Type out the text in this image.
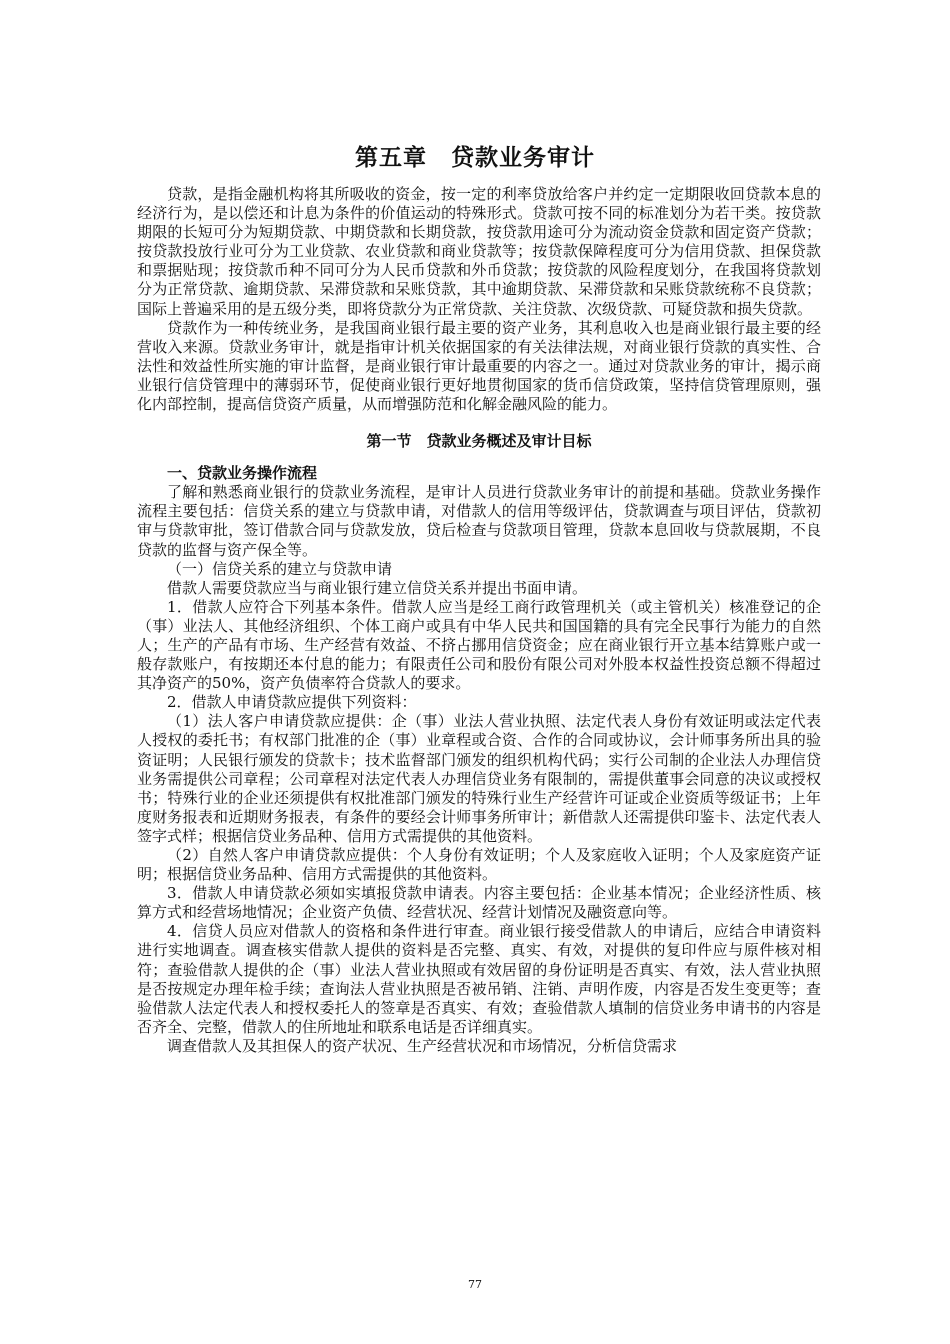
第五章　贷款业务审计

贷款，是指金融机构将其所吸收的资金，按一定的利率贷放给客户并约定一定期限收回贷款本息的经济行为，是以偿还和计息为条件的价值运动的特殊形式。贷款可按不同的标准划分为若干类。按贷款期限的长短可分为短期贷款、中期贷款和长期贷款，按贷款用途可分为流动资金贷款和固定资产贷款；按贷款投放行业可分为工业贷款、农业贷款和商业贷款等；按贷款保障程度可分为信用贷款、担保贷款和票据贴现；按贷款币种不同可分为人民币贷款和外币贷款；按贷款的风险程度划分，在我国将贷款划分为正常贷款、逾期贷款、呆滞贷款和呆账贷款，其中逾期贷款、呆滞贷款和呆账贷款统称不良贷款；国际上普遍采用的是五级分类，即将贷款分为正常贷款、关注贷款、次级贷款、可疑贷款和损失贷款。

贷款作为一种传统业务，是我国商业银行最主要的资产业务，其利息收入也是商业银行最主要的经营收入来源。贷款业务审计，就是指审计机关依据国家的有关法律法规，对商业银行贷款的真实性、合法性和效益性所实施的审计监督，是商业银行审计最重要的内容之一。通过对贷款业务的审计，揭示商业银行信贷管理中的薄弱环节，促使商业银行更好地贯彻国家的货币信贷政策，坚持信贷管理原则，强化内部控制，提高信贷资产质量，从而增强防范和化解金融风险的能力。

第一节　贷款业务概述及审计目标

一、贷款业务操作流程

了解和熟悉商业银行的贷款业务流程，是审计人员进行贷款业务审计的前提和基础。贷款业务操作流程主要包括：信贷关系的建立与贷款申请，对借款人的信用等级评估，贷款调查与项目评估，贷款初审与贷款审批，签订借款合同与贷款发放，贷后检查与贷款项目管理，贷款本息回收与贷款展期，不良贷款的监督与资产保全等。

（一）信贷关系的建立与贷款申请

借款人需要贷款应当与商业银行建立信贷关系并提出书面申请。

1．借款人应符合下列基本条件。借款人应当是经工商行政管理机关（或主管机关）核准登记的企（事）业法人、其他经济组织、个体工商户或具有中华人民共和国国籍的具有完全民事行为能力的自然人；生产的产品有市场、生产经营有效益、不挤占挪用信贷资金；应在商业银行开立基本结算账户或一般存款账户，有按期还本付息的能力；有限责任公司和股份有限公司对外股本权益性投资总额不得超过其净资产的50%，资产负债率符合贷款人的要求。

2．借款人申请贷款应提供下列资料：

（1）法人客户申请贷款应提供：企（事）业法人营业执照、法定代表人身份有效证明或法定代表人授权的委托书；有权部门批准的企（事）业章程或合资、合作的合同或协议，会计师事务所出具的验资证明；人民银行颁发的贷款卡；技术监督部门颁发的组织机构代码；实行公司制的企业法人办理信贷业务需提供公司章程；公司章程对法定代表人办理信贷业务有限制的，需提供董事会同意的决议或授权书；特殊行业的企业还须提供有权批准部门颁发的特殊行业生产经营许可证或企业资质等级证书；上年度财务报表和近期财务报表，有条件的要经会计师事务所审计；新借款人还需提供印鉴卡、法定代表人签字式样；根据信贷业务品种、信用方式需提供的其他资料。

（2）自然人客户申请贷款应提供：个人身份有效证明；个人及家庭收入证明；个人及家庭资产证明；根据信贷业务品种、信用方式需提供的其他资料。

3．借款人申请贷款必须如实填报贷款申请表。内容主要包括：企业基本情况；企业经济性质、核算方式和经营场地情况；企业资产负债、经营状况、经营计划情况及融资意向等。

4．信贷人员应对借款人的资格和条件进行审查。商业银行接受借款人的申请后，应结合申请资料进行实地调查。调查核实借款人提供的资料是否完整、真实、有效，对提供的复印件应与原件核对相符；查验借款人提供的企（事）业法人营业执照或有效居留的身份证明是否真实、有效，法人营业执照是否按规定办理年检手续；查询法人营业执照是否被吊销、注销、声明作废，内容是否发生变更等；查验借款人法定代表人和授权委托人的签章是否真实、有效；查验借款人填制的信贷业务申请书的内容是否齐全、完整，借款人的住所地址和联系电话是否详细真实。

调查借款人及其担保人的资产状况、生产经营状况和市场情况，分析信贷需求

77
